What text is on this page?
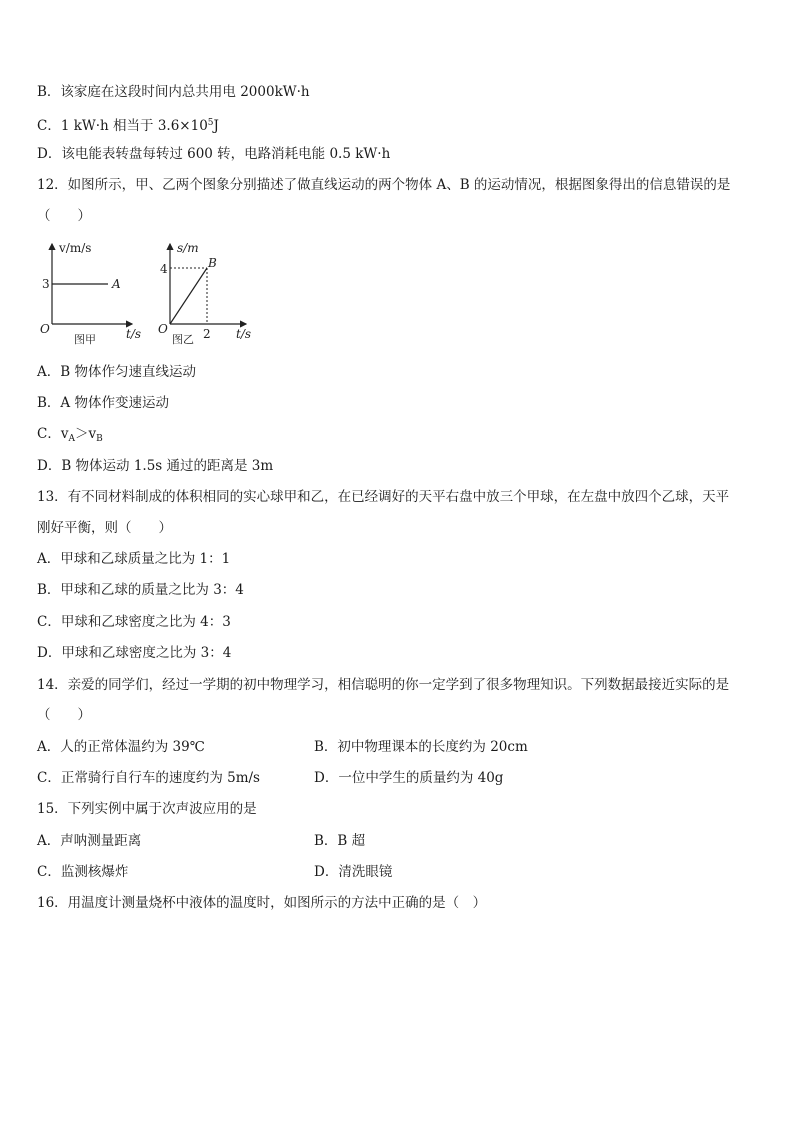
B．该家庭在这段时间内总共用电 2000kW·h
C．1 kW·h 相当于 $3.6\times 10^5J$
D．该电能表转盘每转过 600 转，电路消耗电能 0.5 kW·h
12．如图所示，甲、乙两个图象分别描述了做直线运动的两个物体 A、B 的运动情况，根据图象得出的信息错误的是
（　　）
v/m/s
t/s
O
3	A
图甲
s/m
t/s
O
4
2
B
图乙
A．B 物体作匀速直线运动
B．A 物体作变速运动
C．$v_A>v_B$
D．B 物体运动 1.5s 通过的距离是 3m
13．有不同材料制成的体积相同的实心球甲和乙，在已经调好的天平右盘中放三个甲球，在左盘中放四个乙球，天平
刚好平衡，则（　　）
A．甲球和乙球质量之比为 1：1
B．甲球和乙球的质量之比为 3：4
C．甲球和乙球密度之比为 4：3
D．甲球和乙球密度之比为 3：4
14．亲爱的同学们，经过一学期的初中物理学习，相信聪明的你一定学到了很多物理知识。下列数据最接近实际的是
（　　）
A．人的正常体温约为 39℃	B．初中物理课本的长度约为 20cm
C．正常骑行自行车的速度约为 5m/s	D．一位中学生的质量约为 40g
15．下列实例中属于次声波应用的是
A．声呐测量距离	B．B 超
C．监测核爆炸	D．清洗眼镜
16．用温度计测量烧杯中液体的温度时，如图所示的方法中正确的是（　）
